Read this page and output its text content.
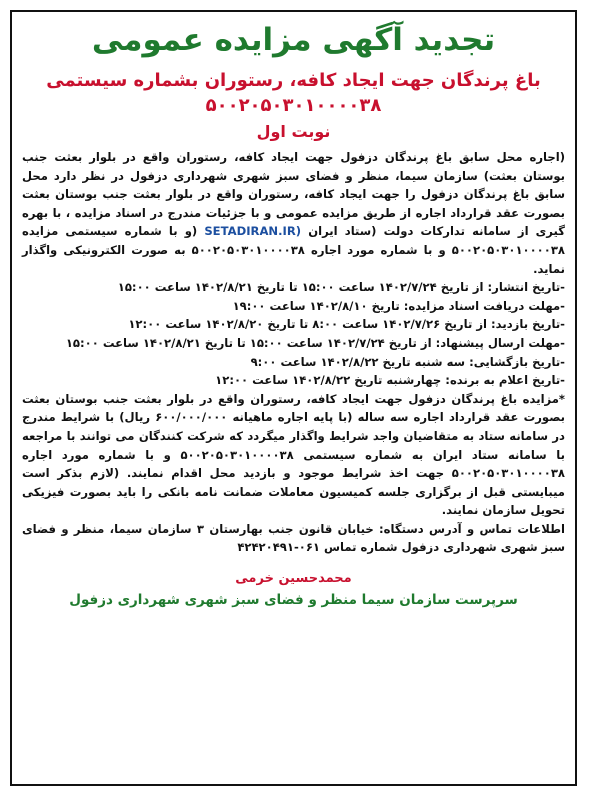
تجدید آگهی مزایده عمومی
باغ پرندگان جهت ایجاد کافه، رستوران بشماره سیستمی
۵۰۰۲۰۵۰۳۰۱۰۰۰۰۳۸
نوبت اول

(اجاره محل سابق باغ پرندگان دزفول جهت ایجاد کافه، رستوران واقع در بلوار بعثت جنب بوستان بعثت) سازمان سیما، منظر و فضای سبز شهری شهرداری دزفول در نظر دارد محل سابق باغ پرندگان دزفول را جهت ایجاد کافه، رستوران واقع در بلوار بعثت جنب بوستان بعثت بصورت عقد قرارداد اجاره از طریق مزایده عمومی و با جزئیات مندرج در اسناد مزایده ، با بهره گیری از سامانه تدارکات دولت (ستاد ایران (SETADIRAN.IR (و با شماره سیستمی مزایده ۵۰۰۲۰۵۰۳۰۱۰۰۰۰۳۸ و با شماره مورد اجاره ۵۰۰۲۰۵۰۳۰۱۰۰۰۰۳۸ به صورت الکترونیکی واگذار نماید.

-تاریخ انتشار: از تاریخ ۱۴۰۲/۷/۲۴ ساعت ۱۵:۰۰ تا تاریخ ۱۴۰۲/۸/۲۱ ساعت ۱۵:۰۰
-مهلت دریافت اسناد مزایده: تاریخ ۱۴۰۲/۸/۱۰ ساعت ۱۹:۰۰
-تاریخ بازدید: از تاریخ ۱۴۰۲/۷/۲۶ ساعت ۸:۰۰ تا تاریخ ۱۴۰۲/۸/۲۰ ساعت ۱۲:۰۰
-مهلت ارسال پیشنهاد: از تاریخ ۱۴۰۲/۷/۲۴ ساعت ۱۵:۰۰ تا تاریخ ۱۴۰۲/۸/۲۱ ساعت ۱۵:۰۰
-تاریخ بازگشایی: سه شنبه تاریخ ۱۴۰۲/۸/۲۲ ساعت ۹:۰۰
-تاریخ اعلام به برنده: چهارشنبه تاریخ ۱۴۰۲/۸/۲۲ ساعت ۱۲:۰۰

*مزایده باغ پرندگان دزفول جهت ایجاد کافه، رستوران واقع در بلوار بعثت جنب بوستان بعثت بصورت عقد قرارداد اجاره سه ساله (با پایه اجاره ماهیانه ۶۰۰/۰۰۰/۰۰۰ ریال) با شرایط مندرج در سامانه ستاد به متقاضیان واجد شرایط واگذار میگردد که شرکت کنندگان می توانند با مراجعه با سامانه ستاد ایران به شماره سیستمی ۵۰۰۲۰۵۰۳۰۱۰۰۰۰۳۸ و با شماره مورد اجاره ۵۰۰۲۰۵۰۳۰۱۰۰۰۰۳۸ جهت اخذ شرایط موجود و بازدید محل اقدام نمایند. (لازم بذکر است میبایستی قبل از برگزاری جلسه کمیسیون معاملات ضمانت نامه بانکی را باید بصورت فیزیکی تحویل سازمان نمایند.

اطلاعات تماس و آدرس دستگاه: خیابان قانون جنب بهارستان ۳ سازمان سیما، منظر و فضای سبز شهری شهرداری دزفول شماره تماس ۰۶۱-۴۲۴۲۰۴۹۱

محمدحسین خرمی
سرپرست سازمان سیما منظر و فضای سبز شهری شهرداری دزفول
